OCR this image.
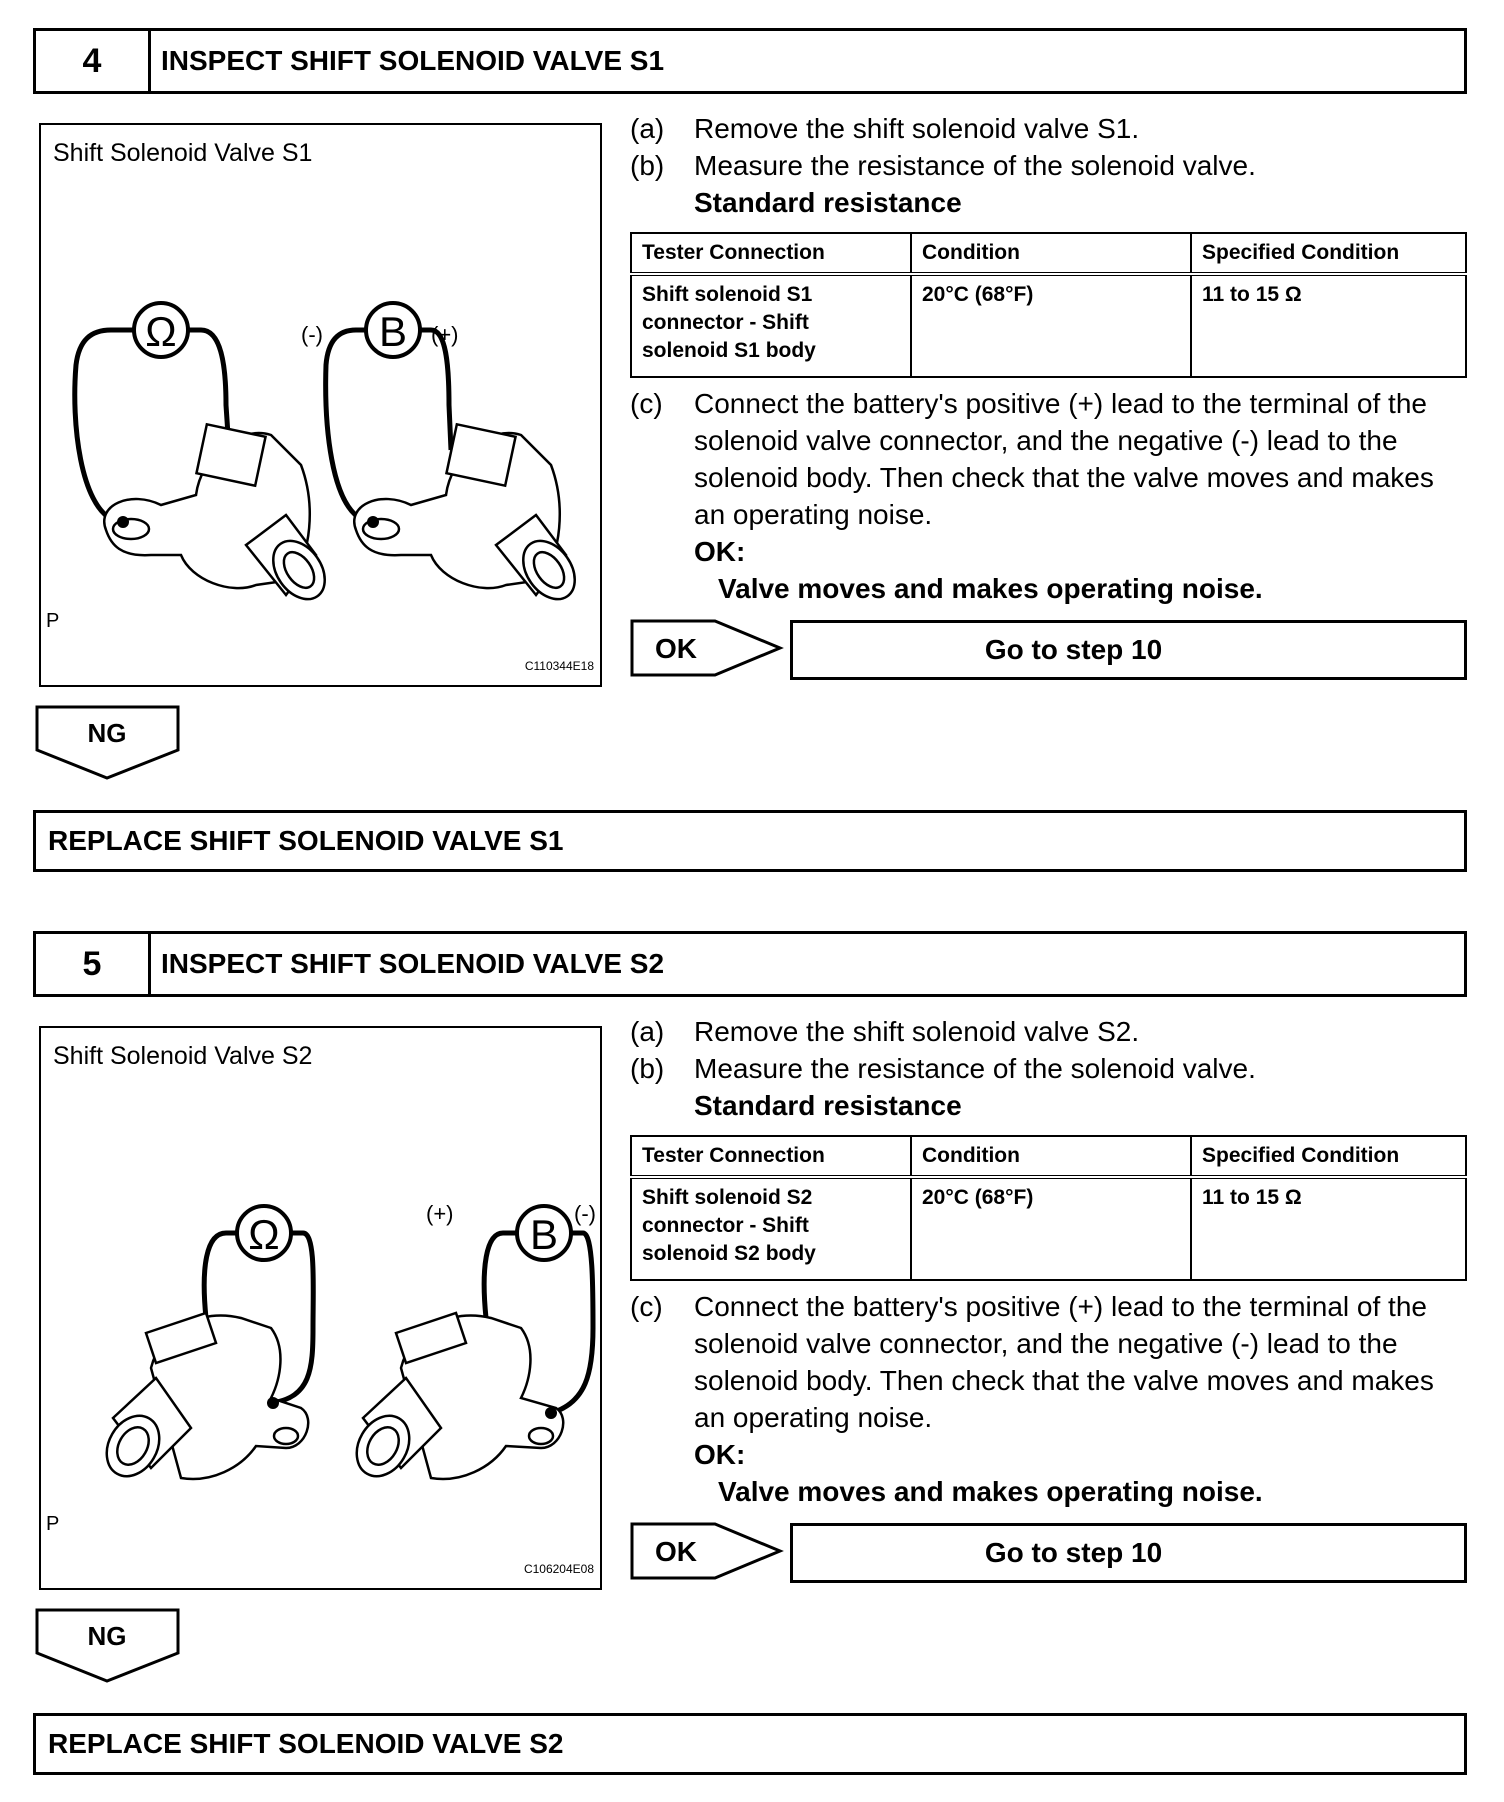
4	INSPECT SHIFT SOLENOID VALVE S1
Shift Solenoid Valve S1
Ω	B
(-)	(+)
P
C110344E18
(a)	Remove the shift solenoid valve S1.
(b)	Measure the resistance of the solenoid valve.
Standard resistance
Tester Connection	Condition	Specified Condition
Shift solenoid S1 connector - Shift solenoid S1 body	20°C (68°F)	11 to 15 Ω
(c)	Connect the battery's positive (+) lead to the terminal of the solenoid valve connector, and the negative (-) lead to the solenoid body. Then check that the valve moves and makes an operating noise.
OK:
Valve moves and makes operating noise.
OK	Go to step 10
NG
REPLACE SHIFT SOLENOID VALVE S1
5	INSPECT SHIFT SOLENOID VALVE S2
Shift Solenoid Valve S2
Ω	B
(+)	(-)
P
C106204E08
(a)	Remove the shift solenoid valve S2.
(b)	Measure the resistance of the solenoid valve.
Standard resistance
Tester Connection	Condition	Specified Condition
Shift solenoid S2 connector - Shift solenoid S2 body	20°C (68°F)	11 to 15 Ω
(c)	Connect the battery's positive (+) lead to the terminal of the solenoid valve connector, and the negative (-) lead to the solenoid body. Then check that the valve moves and makes an operating noise.
OK:
Valve moves and makes operating noise.
OK	Go to step 10
NG
REPLACE SHIFT SOLENOID VALVE S2
